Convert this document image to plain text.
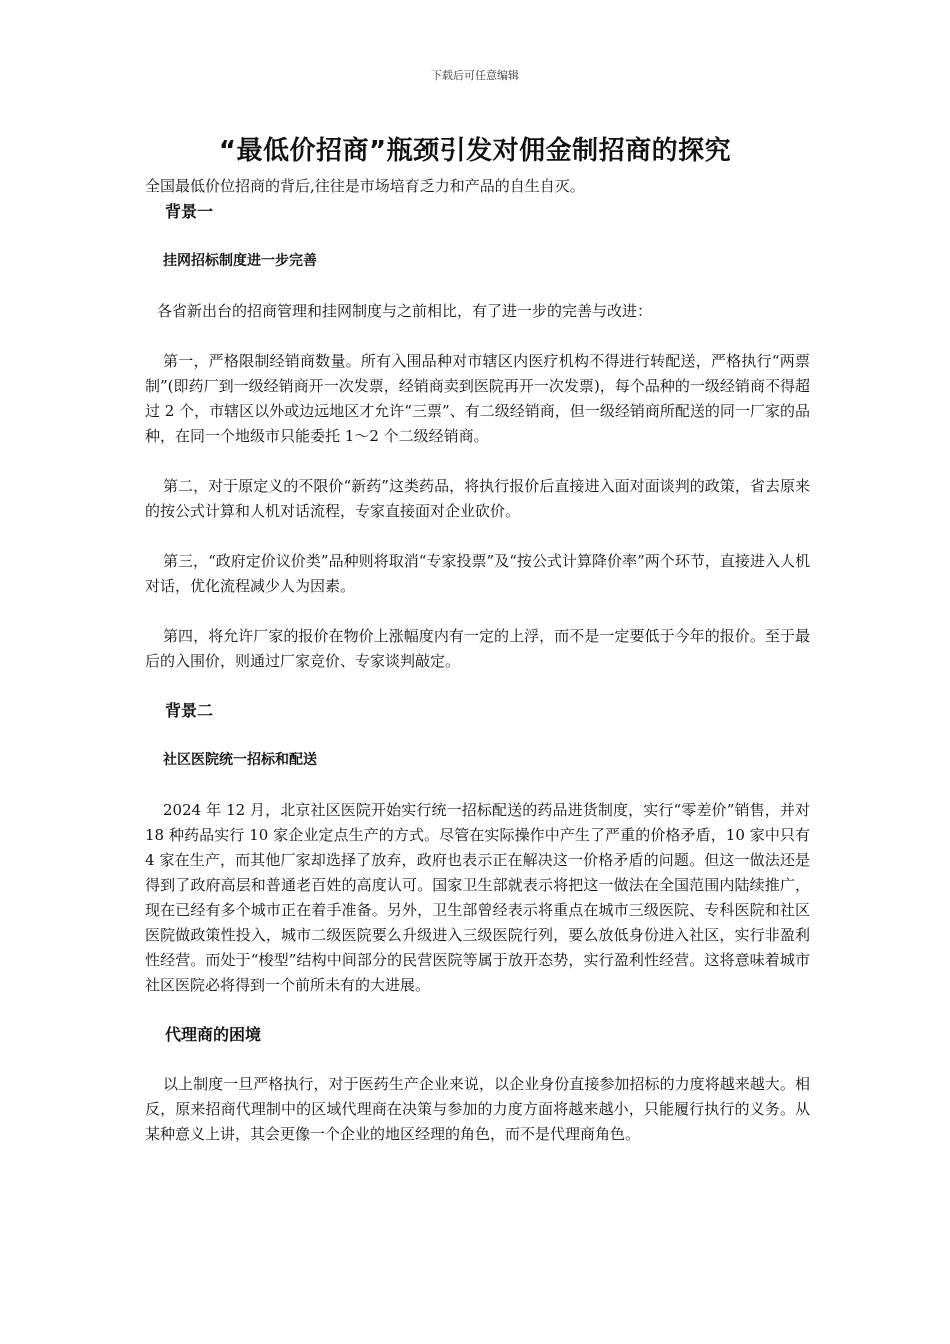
下载后可任意编辑
“最低价招商”瓶颈引发对佣金制招商的探究

全国最低价位招商的背后,往往是市场培育乏力和产品的自生自灭。

背景一

挂网招标制度进一步完善

各省新出台的招商管理和挂网制度与之前相比，有了进一步的完善与改进：

第一，严格限制经销商数量。所有入围品种对市辖区内医疗机构不得进行转配送，严格执行“两票制”(即药厂到一级经销商开一次发票，经销商卖到医院再开一次发票)，每个品种的一级经销商不得超过 2 个，市辖区以外或边远地区才允许“三票”、有二级经销商，但一级经销商所配送的同一厂家的品种，在同一个地级市只能委托 1～2 个二级经销商。

第二，对于原定义的不限价“新药”这类药品，将执行报价后直接进入面对面谈判的政策，省去原来的按公式计算和人机对话流程，专家直接面对企业砍价。

第三，“政府定价议价类”品种则将取消“专家投票”及“按公式计算降价率”两个环节，直接进入人机对话，优化流程减少人为因素。

第四，将允许厂家的报价在物价上涨幅度内有一定的上浮，而不是一定要低于今年的报价。至于最后的入围价，则通过厂家竞价、专家谈判敲定。

背景二

社区医院统一招标和配送

2024 年 12 月，北京社区医院开始实行统一招标配送的药品进货制度，实行“零差价”销售，并对 18 种药品实行 10 家企业定点生产的方式。尽管在实际操作中产生了严重的价格矛盾，10 家中只有 4 家在生产，而其他厂家却选择了放弃，政府也表示正在解决这一价格矛盾的问题。但这一做法还是得到了政府高层和普通老百姓的高度认可。国家卫生部就表示将把这一做法在全国范围内陆续推广，现在已经有多个城市正在着手准备。另外，卫生部曾经表示将重点在城市三级医院、专科医院和社区医院做政策性投入，城市二级医院要么升级进入三级医院行列，要么放低身份进入社区，实行非盈利性经营。而处于“梭型”结构中间部分的民营医院等属于放开态势，实行盈利性经营。这将意味着城市社区医院必将得到一个前所未有的大进展。

代理商的困境

以上制度一旦严格执行，对于医药生产企业来说，以企业身份直接参加招标的力度将越来越大。相反，原来招商代理制中的区域代理商在决策与参加的力度方面将越来越小，只能履行执行的义务。从某种意义上讲，其会更像一个企业的地区经理的角色，而不是代理商角色。
